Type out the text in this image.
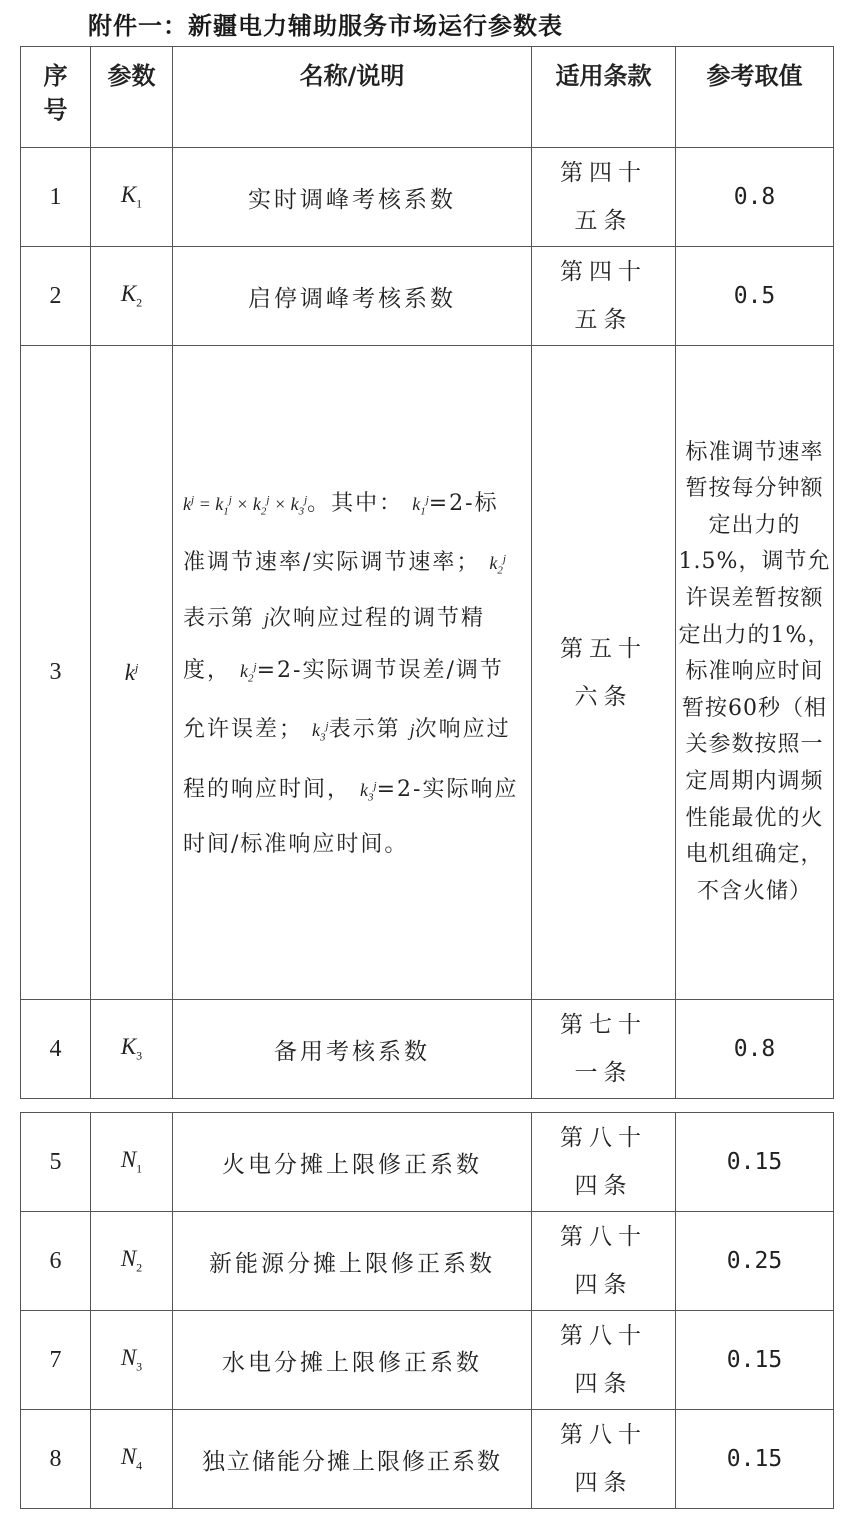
附件一：新疆电力辅助服务市场运行参数表
序号	参数	名称/说明	适用条款	参考取值
1	$K_1$	实时调峰考核系数	第四十五条	0.8
2	$K_2$	启停调峰考核系数	第四十五条	0.5
3	$k^j$	$k^j = k_1^j \times k_2^j \times k_3^j$。其中： $k_1^j=2-$标准调节速率/实际调节速率； $k_2^j$表示第 j次响应过程的调节精度， $k_2^j=2-$实际调节误差/调节允许误差； $k_3^j$表示第 j次响应过程的响应时间， $k_3^j=2-$实际响应时间/标准响应时间。	第五十六条	标准调节速率暂按每分钟额定出力的1.5%，调节允许误差暂按额定出力的1%，标准响应时间暂按60秒（相关参数按照一定周期内调频性能最优的火电机组确定，不含火储）
4	$K_3$	备用考核系数	第七十一条	0.8
5	$N_1$	火电分摊上限修正系数	第八十四条	0.15
6	$N_2$	新能源分摊上限修正系数	第八十四条	0.25
7	$N_3$	水电分摊上限修正系数	第八十四条	0.15
8	$N_4$	独立储能分摊上限修正系数	第八十四条	0.15
